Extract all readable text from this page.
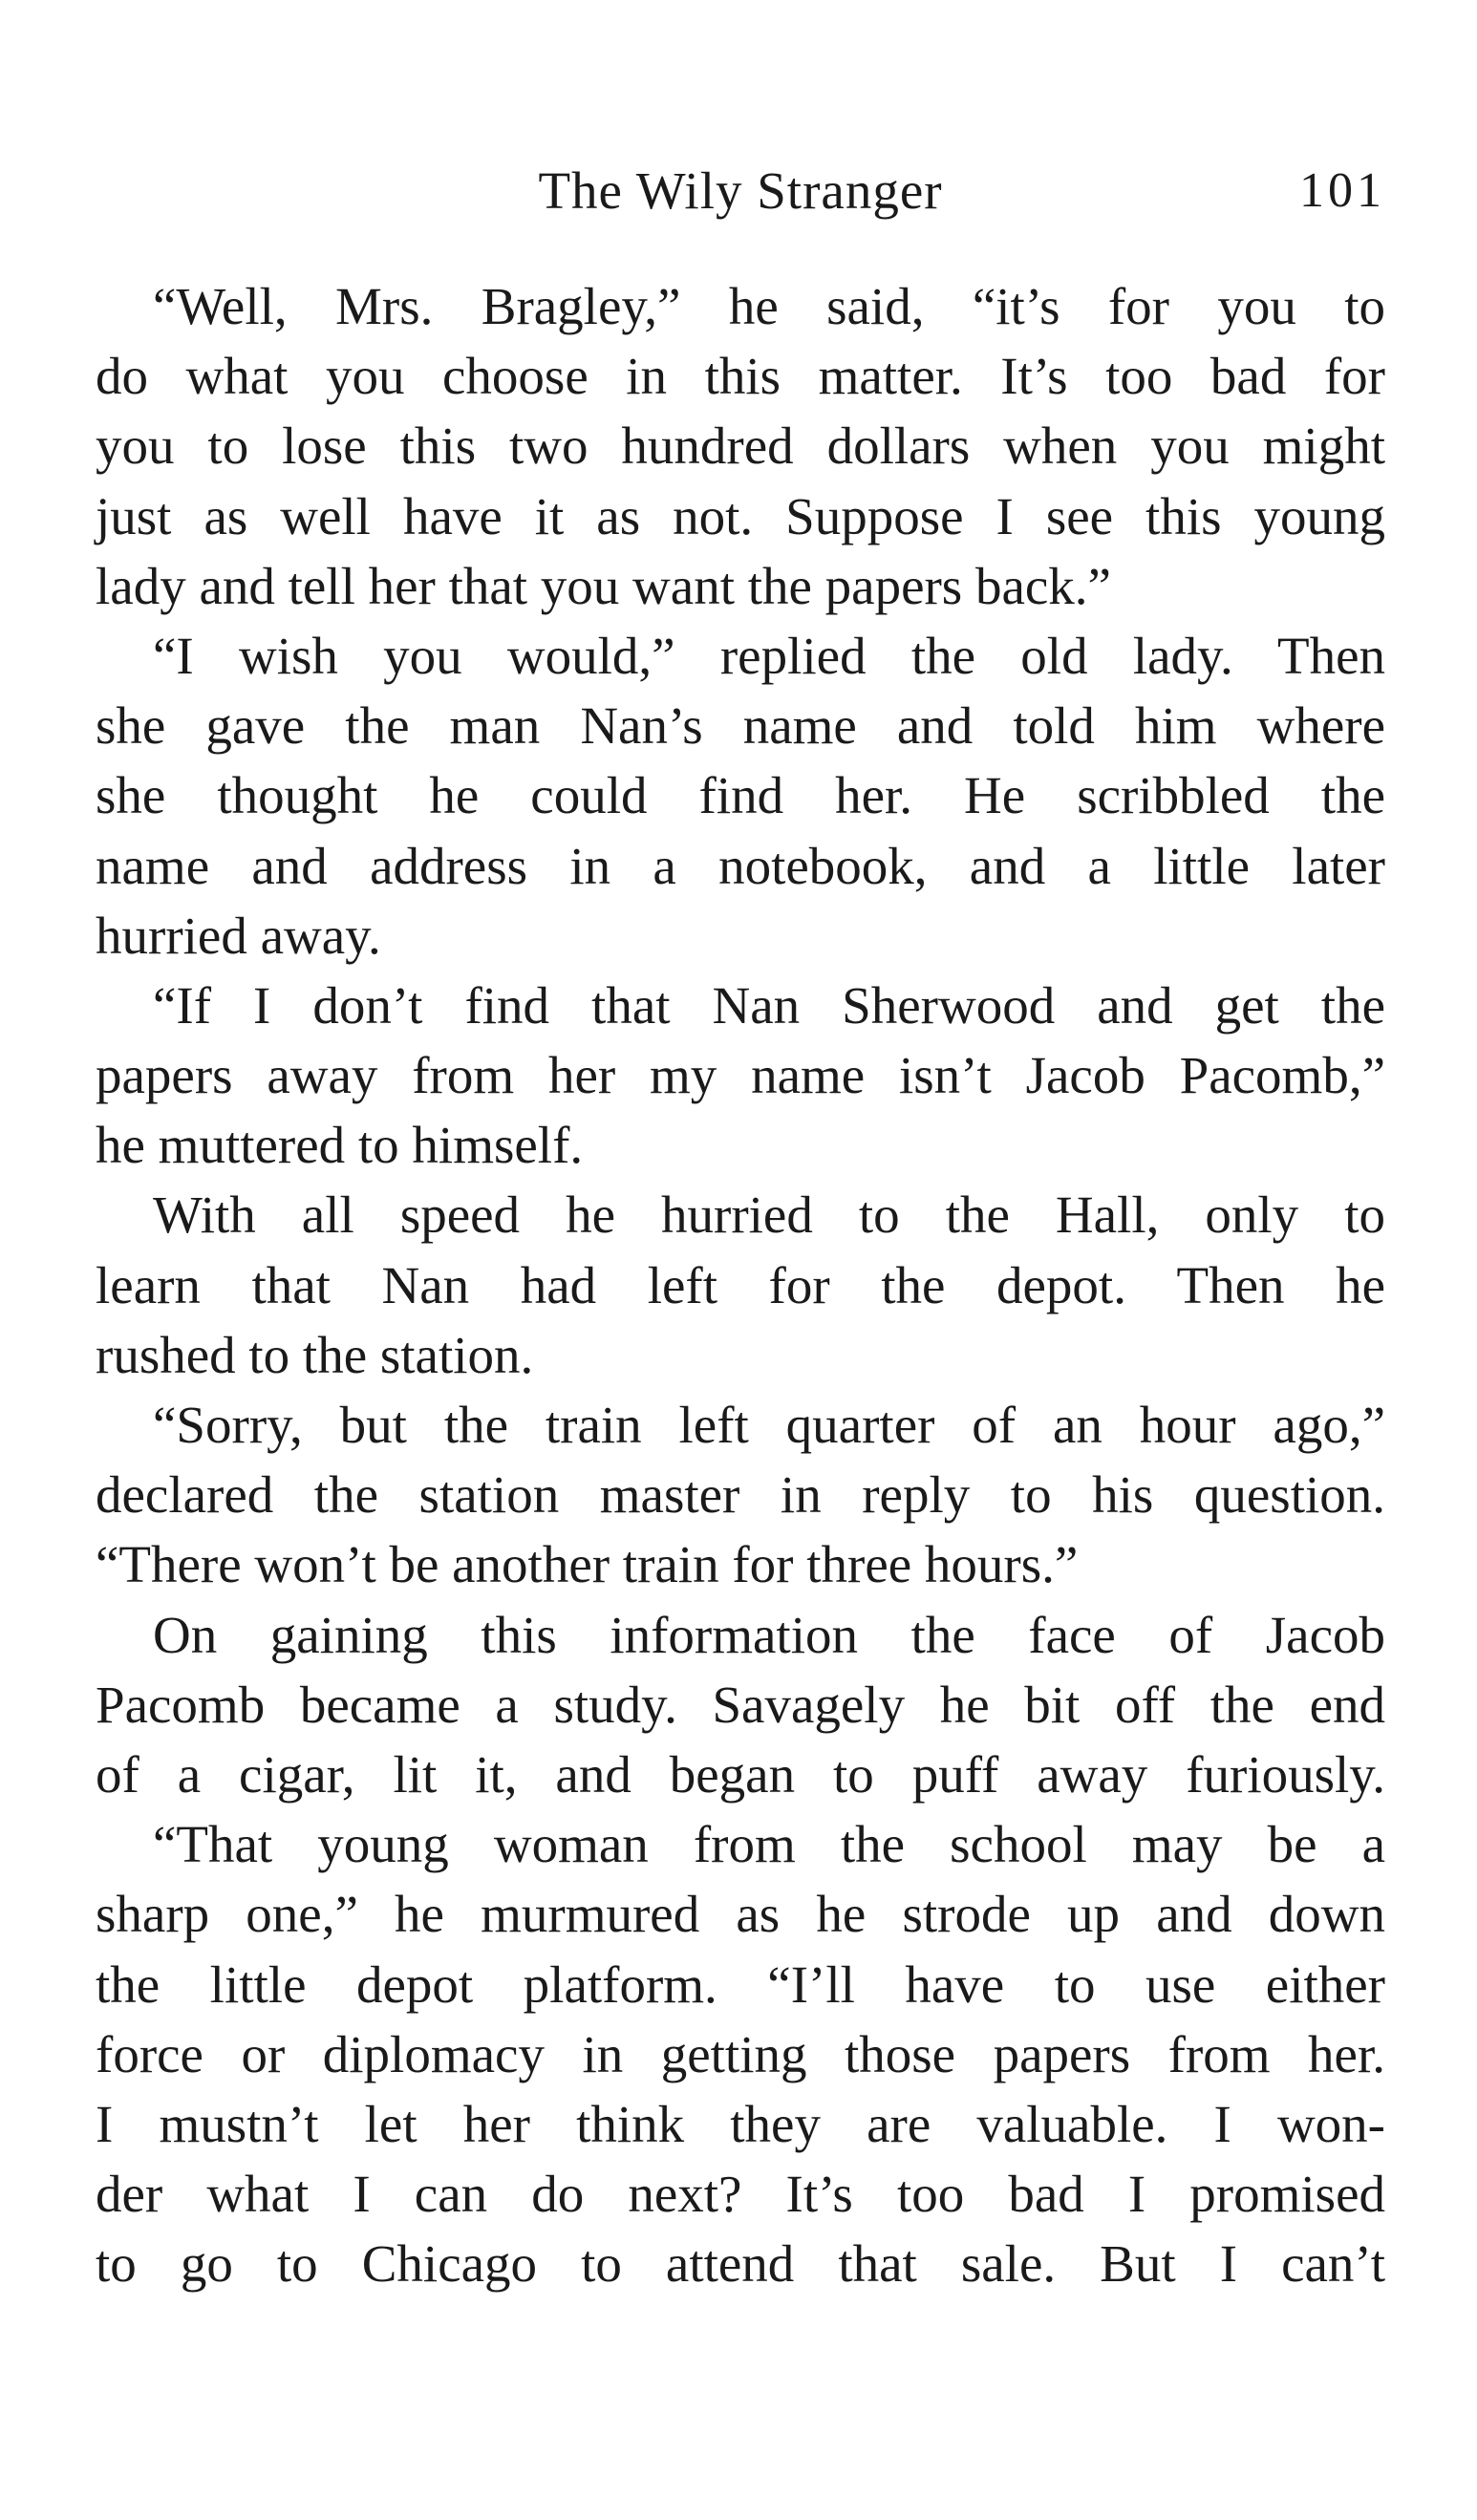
The Wily Stranger	101
“Well, Mrs. Bragley,” he said, “it’s for you to
do what you choose in this matter. It’s too bad for
you to lose this two hundred dollars when you might
just as well have it as not. Suppose I see this young
lady and tell her that you want the papers back.”
“I wish you would,” replied the old lady. Then
she gave the man Nan’s name and told him where
she thought he could find her. He scribbled the
name and address in a notebook, and a little later
hurried away.
“If I don’t find that Nan Sherwood and get the
papers away from her my name isn’t Jacob Pacomb,”
he muttered to himself.
With all speed he hurried to the Hall, only to
learn that Nan had left for the depot. Then he
rushed to the station.
“Sorry, but the train left quarter of an hour ago,”
declared the station master in reply to his question.
“There won’t be another train for three hours.”
On gaining this information the face of Jacob
Pacomb became a study. Savagely he bit off the end
of a cigar, lit it, and began to puff away furiously.
“That young woman from the school may be a
sharp one,” he murmured as he strode up and down
the little depot platform. “I’ll have to use either
force or diplomacy in getting those papers from her.
I mustn’t let her think they are valuable. I won-
der what I can do next? It’s too bad I promised
to go to Chicago to attend that sale. But I can’t
